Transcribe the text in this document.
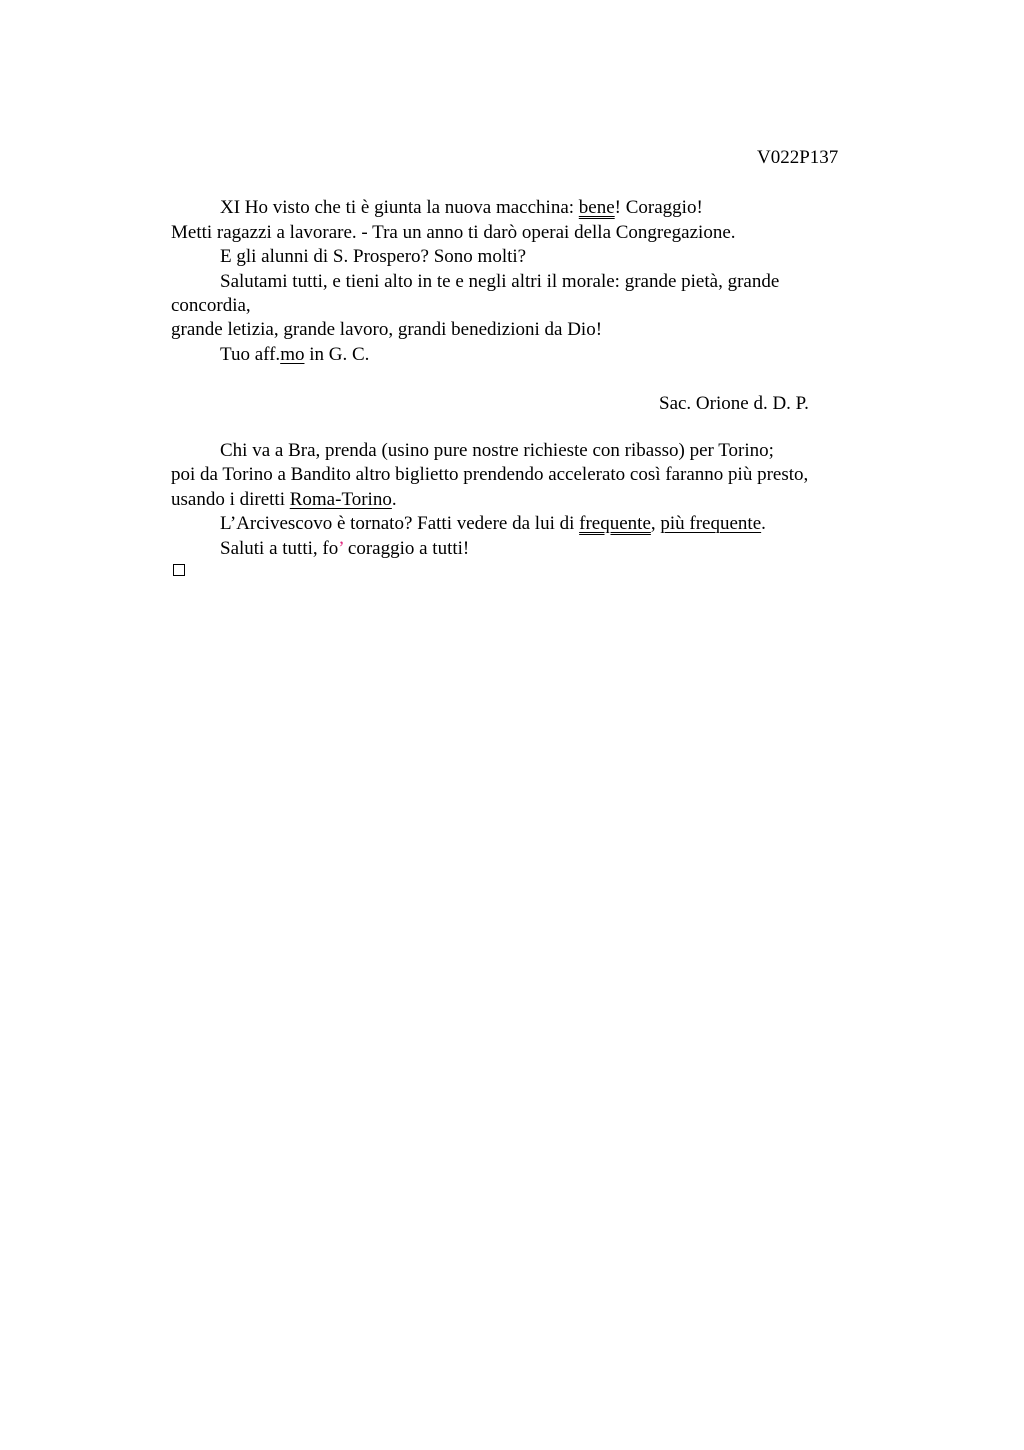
V022P137
XI Ho visto che ti è giunta la nuova macchina: bene! Coraggio!
Metti ragazzi a lavorare. - Tra un anno ti darò operai della Congregazione.
E gli alunni di S. Prospero? Sono molti?
Salutami tutti, e tieni alto in te e negli altri il morale: grande pietà, grande
concordia,
grande letizia, grande lavoro, grandi benedizioni da Dio!
Tuo aff.mo in G. C.
Sac. Orione d. D. P.
Chi va a Bra, prenda (usino pure nostre richieste con ribasso) per Torino;
poi da Torino a Bandito altro biglietto prendendo accelerato così faranno più presto,
usando i diretti Roma-Torino.
L’Arcivescovo è tornato? Fatti vedere da lui di frequente, più frequente.
Saluti a tutti, fo’ coraggio a tutti!
